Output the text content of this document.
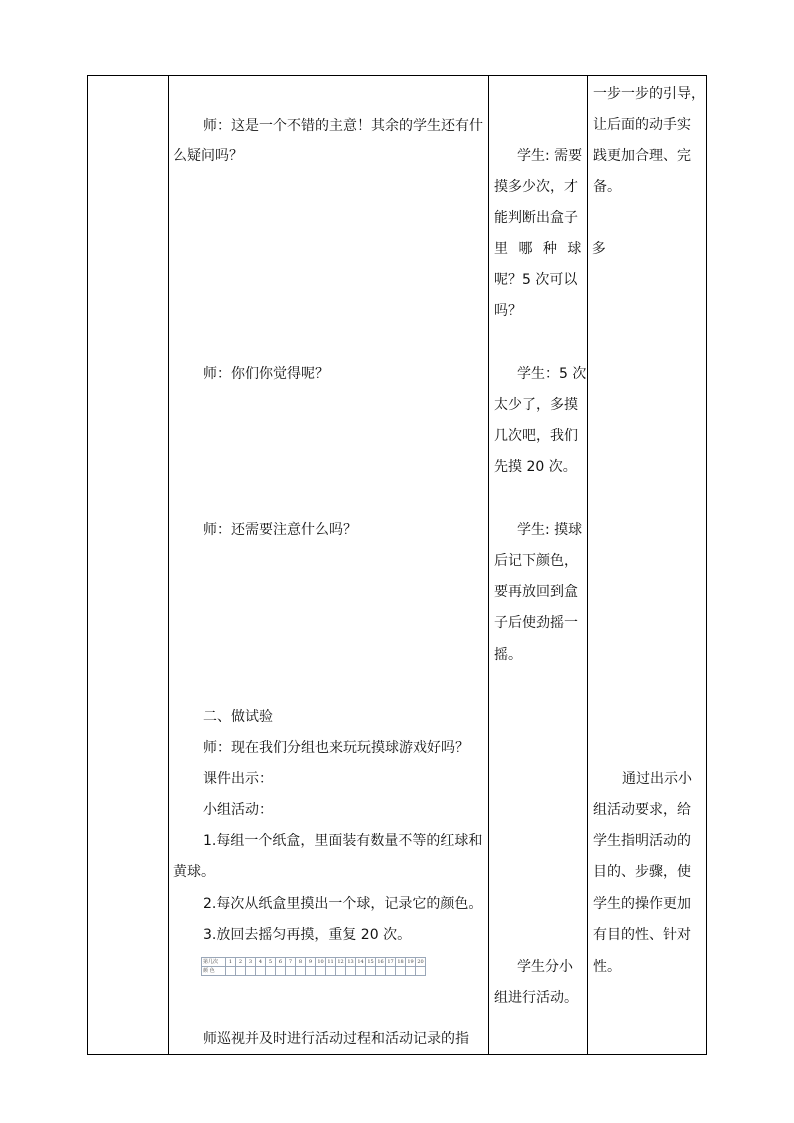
师：这是一个不错的主意！其余的学生还有什
么疑问吗？
师：你们你觉得呢？
师：还需要注意什么吗？
二、做试验
师：现在我们分组也来玩玩摸球游戏好吗？
课件出示：
小组活动：
1.每组一个纸盒，里面装有数量不等的红球和
黄球。
2.每次从纸盒里摸出一个球，记录它的颜色。
3.放回去摇匀再摸，重复 20 次。
第几次	1	2	3	4	5	6	7	8	9	10	11	12	13	14	15	16	17	18	19	20
颜 色																				
师巡视并及时进行活动过程和活动记录的指
学生: 需要
摸多少次，才
能判断出盒子
里 哪 种 球 多
呢？5 次可以
吗？
学生：5 次
太少了，多摸
几次吧，我们
先摸 20 次。
学生: 摸球
后记下颜色，
要再放回到盒
子后使劲摇一
摇。
学生分小
组进行活动。
一步一步的引导，
让后面的动手实
践更加合理、完
备。
通过出示小
组活动要求，给
学生指明活动的
目的、步骤，使
学生的操作更加
有目的性、针对
性。
